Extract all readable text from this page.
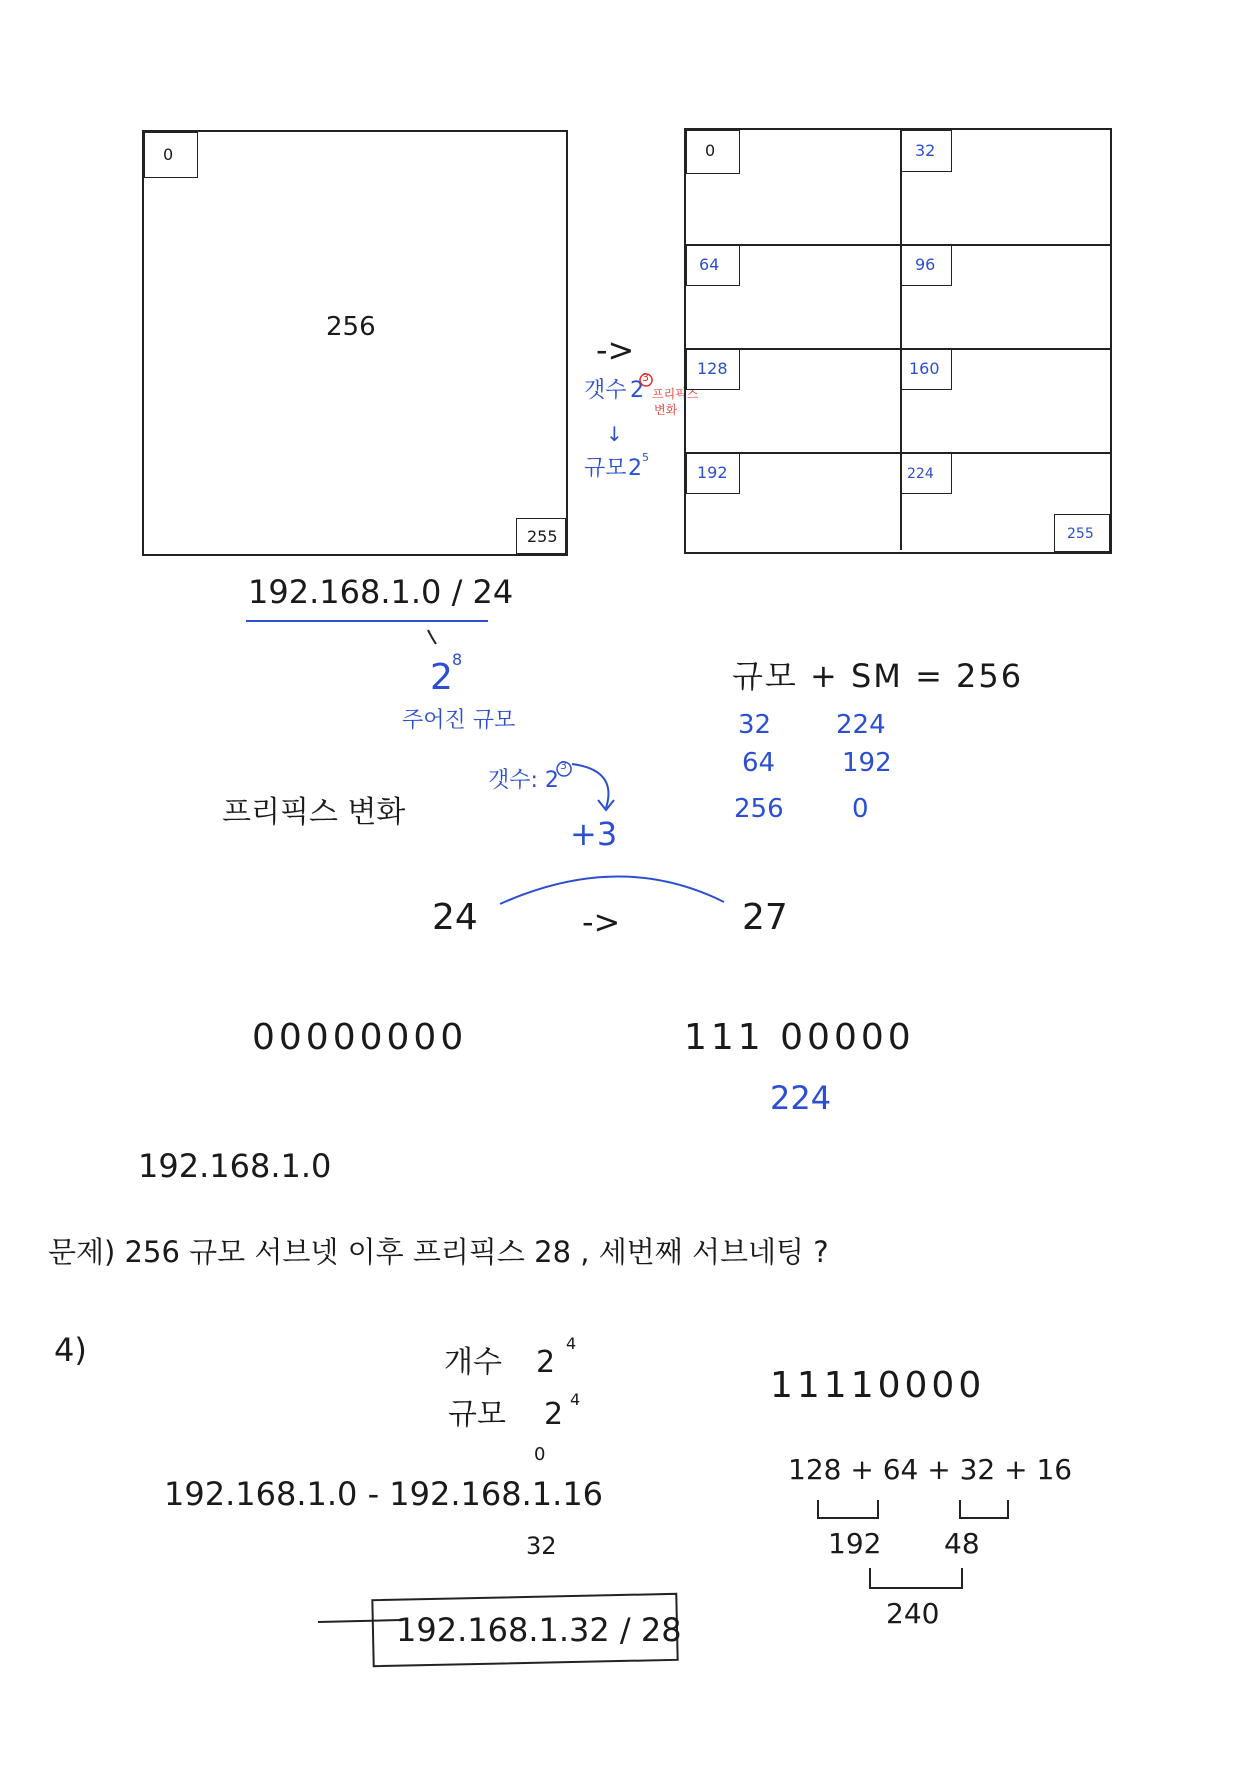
0
256
255
192.168.1.0 / 24
2 8
주어진 규모
->
갯수 2
3
프리픽스
변화
↓
규모 2 5
0	32
64	96
128	160
192	224
255
규모 + SM = 256
32 224
64	192
256	0
프리픽스 변화
갯수: 2
3
+3
24	->	27
00000000	111 00000
224
192.168.1.0
문제) 256 규모 서브넷 이후 프리픽스 28 , 세번째 서브네팅 ?
4)	개수 2
4
규모 2 4
192.168.1.0 - 192.168.1.16
0
32
192.168.1.32 / 28
11110000
128 + 64 + 32 + 16
192 48
240
